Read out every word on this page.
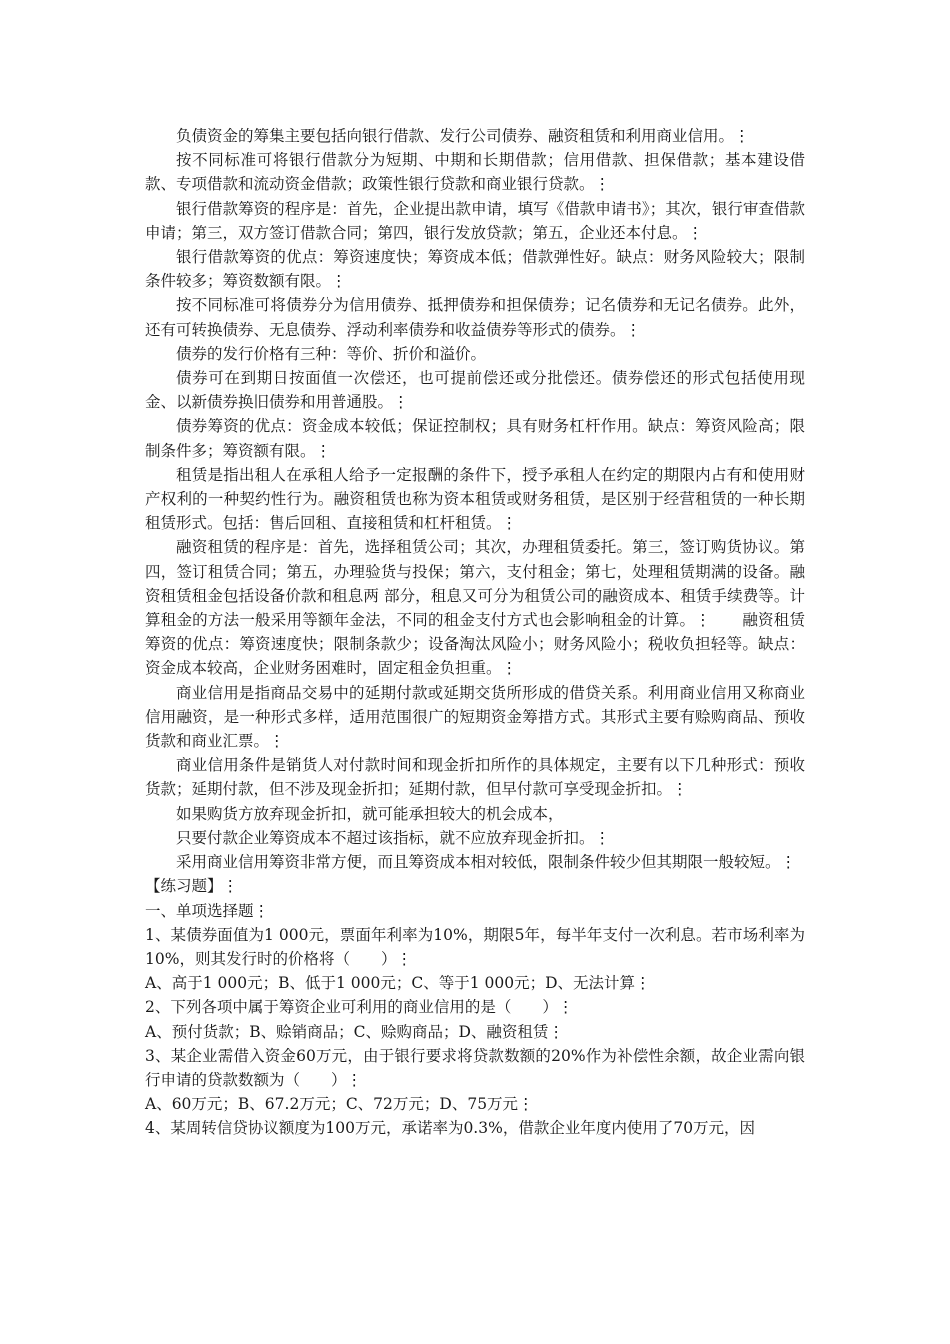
负债资金的筹集主要包括向银行借款、发行公司债券、融资租赁和利用商业信用。⋮

按不同标准可将银行借款分为短期、中期和长期借款；信用借款、担保借款；基本建设借款、专项借款和流动资金借款；政策性银行贷款和商业银行贷款。⋮

银行借款筹资的程序是：首先，企业提出款申请，填写《借款申请书》；其次，银行审查借款申请；第三，双方签订借款合同；第四，银行发放贷款；第五，企业还本付息。⋮

银行借款筹资的优点：筹资速度快；筹资成本低；借款弹性好。缺点：财务风险较大；限制条件较多；筹资数额有限。⋮

按不同标准可将债券分为信用债券、抵押债券和担保债券；记名债券和无记名债券。此外，还有可转换债券、无息债券、浮动利率债券和收益债券等形式的债券。⋮

债券的发行价格有三种：等价、折价和溢价。

债券可在到期日按面值一次偿还，也可提前偿还或分批偿还。债券偿还的形式包括使用现金、以新债券换旧债券和用普通股。⋮

债券筹资的优点：资金成本较低；保证控制权；具有财务杠杆作用。缺点：筹资风险高；限制条件多；筹资额有限。⋮

租赁是指出租人在承租人给予一定报酬的条件下，授予承租人在约定的期限内占有和使用财产权利的一种契约性行为。融资租赁也称为资本租赁或财务租赁，是区别于经营租赁的一种长期租赁形式。包括：售后回租、直接租赁和杠杆租赁。⋮

融资租赁的程序是：首先，选择租赁公司；其次，办理租赁委托。第三，签订购货协议。第四，签订租赁合同；第五，办理验货与投保；第六，支付租金；第七，处理租赁期满的设备。融资租赁租金包括设备价款和租息两 部分，租息又可分为租赁公司的融资成本、租赁手续费等。计算租金的方法一般采用等额年金法，不同的租金支付方式也会影响租金的计算。⋮　　融资租赁筹资的优点：筹资速度快；限制条款少；设备淘汰风险小；财务风险小；税收负担轻等。缺点：资金成本较高，企业财务困难时，固定租金负担重。⋮

商业信用是指商品交易中的延期付款或延期交货所形成的借贷关系。利用商业信用又称商业信用融资，是一种形式多样，适用范围很广的短期资金筹措方式。其形式主要有赊购商品、预收货款和商业汇票。⋮

商业信用条件是销货人对付款时间和现金折扣所作的具体规定，主要有以下几种形式：预收货款；延期付款，但不涉及现金折扣；延期付款，但早付款可享受现金折扣。⋮

如果购货方放弃现金折扣，就可能承担较大的机会成本，

只要付款企业筹资成本不超过该指标，就不应放弃现金折扣。⋮

采用商业信用筹资非常方便，而且筹资成本相对较低，限制条件较少但其期限一般较短。⋮

【练习题】⋮

一、单项选择题⋮

1、某债券面值为1 000元，票面年利率为10%，期限5年，每半年支付一次利息。若市场利率为10%，则其发行时的价格将（　　）⋮

A、高于1 000元；B、低于1 000元；C、等于1 000元；D、无法计算⋮

2、下列各项中属于筹资企业可利用的商业信用的是（　　）⋮

A、预付货款；B、赊销商品；C、赊购商品；D、融资租赁⋮

3、某企业需借入资金60万元，由于银行要求将贷款数额的20%作为补偿性余额，故企业需向银行申请的贷款数额为（　　）⋮

A、60万元；B、67.2万元；C、72万元；D、75万元⋮

4、某周转信贷协议额度为100万元，承诺率为0.3%，借款企业年度内使用了70万元，因
